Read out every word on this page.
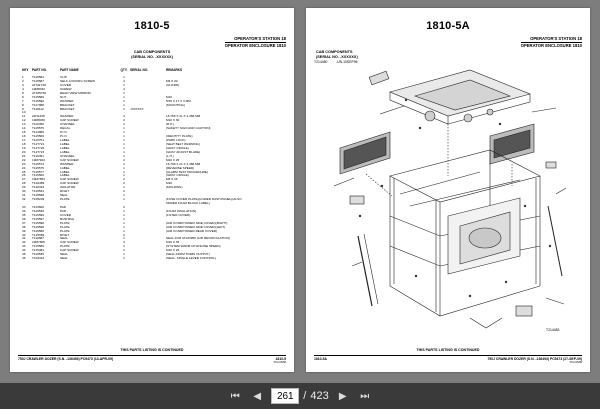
1810-5
OPERATOR'S STATION 18
OPERATOR ENCLOSURE 1810
CAB COMPONENTS
(SERIAL NO. -XXXXXX)
KEY	PART NO.	PART NAME	QTY. SERIAL NO.	REMARKS
1	T115584	CLIP	1
2	T115587	SELF-LOCKING SCREW	4	M6 X 20
3	AT311728	COVER	1	(GUARD)
4	19M8033	SCREW	4
5	AT185760	REAR VIEW MIRROR	1
6	T115589	NUT	1	M10
7	T115590	WASHER	1	5/16 X 17 X 3 MM
8	T117988	BRACKET	1	(MOUNTING)
9	T118112	BRACKET	1	-XXXXXX
10
11	24H1338	WASHER	4	16.768 X 21 X 2.388 MM
12	19M8039	CAP SCREW	2	M10 X 30
13	T116450	CHANNEL	1	(R.H.)
14	T115575	DECAL	1	(SAFETY SIGN AND CAUTION)
15	T114986	P.I.O.	1
16	T115569	P.I.O.	1	(IDENTITY PLATE)
17	T115751	LABEL	1	(PARK LOCK)
18	T127721	LABEL	1	(SEAT BELT WARNING)
19	T127720	LABEL	1	(GRAY CIRCLE)
20	T127723	LABEL	1	(GRAY ADJUST BLADE)
21	T116451	CHANNEL	1	(L.H.)
22	19M7923	CAP SCREW	2	M10 X 25
23	T115574	WASHER	1	16.768 X 21 X 2.388 MM
24	T115575	LABEL	1	(REVERSE SPEED)
25	T115577	LABEL	1	(ALARM TEST PROCEDURE)
26	T115566	LABEL	1	(GRAY CIRCLE)
27	19M7854	CAP SCREW	2	M6 X 16
28	T126489	CAP SCREW	2	M16
29	T126491	ISOLATOR	1	(MOLDING)
30	T116534	RIVET	2
31	T115598	SEAL	1
32	T105209	PLATE	1	(FUSE COVER PLATE)(LOWER DASH PANEL)(ALSO
ORDER FOAM BLOCK LABEL)
33	T115600	PAD	2
34	T116536	PAD	1	(FOAM INSULATION)
35	T115599	COVER	1	(FILTER COVER)
36	T115597	BUSHING	1
37	T115598	PLATE	1	(AIR CONDITIONER SIDE COVER)(RIGHT)
38	T115598	PLATE	1	(AIR CONDITIONER SIDE COVER)(LEFT)
39	T116588	PLATE	1	(AIR CONDITIONER REAR COVER)
40	T125389	RIVET	2
41	T116587	SEAL	1	SEAL FOR AT223950 (AIR RECIRCULATION)
42	19M7805	CAP SCREW	4	M10 X 35
43	T115589	PLATE	1	(SYSTEM WARM UP ENGINE SPEED)
44	T115484	CAP SCREW	2	M10 X 25
45	T116535	SEAL	1	(SEAL FROM TRIMS OUTPUT)
46	T103443	SEAL	1	(SEAL, SINGLE LEVER CONTROL)
THIS PARTS LISTING IS CONTINUED
750J CRAWLER DOZER (S.N. -136493) PC9473 (13-APR-09)	1810-5
PrintJMD
1810-5A
OPERATOR'S STATION 18
OPERATOR ENCLOSURE 1810
CAB COMPONENTS
(SERIAL NO. -XXXXXX)
T214480	-UN-10SEP96
T214483
THIS PARTS LISTING IS CONTINUED
1810-5A	750J CRAWLER DOZER (S.N. -136493) PC9473 (27-SEP-09)
PrintJMD
⏮	◀
261	/ 423	▶	⏭
